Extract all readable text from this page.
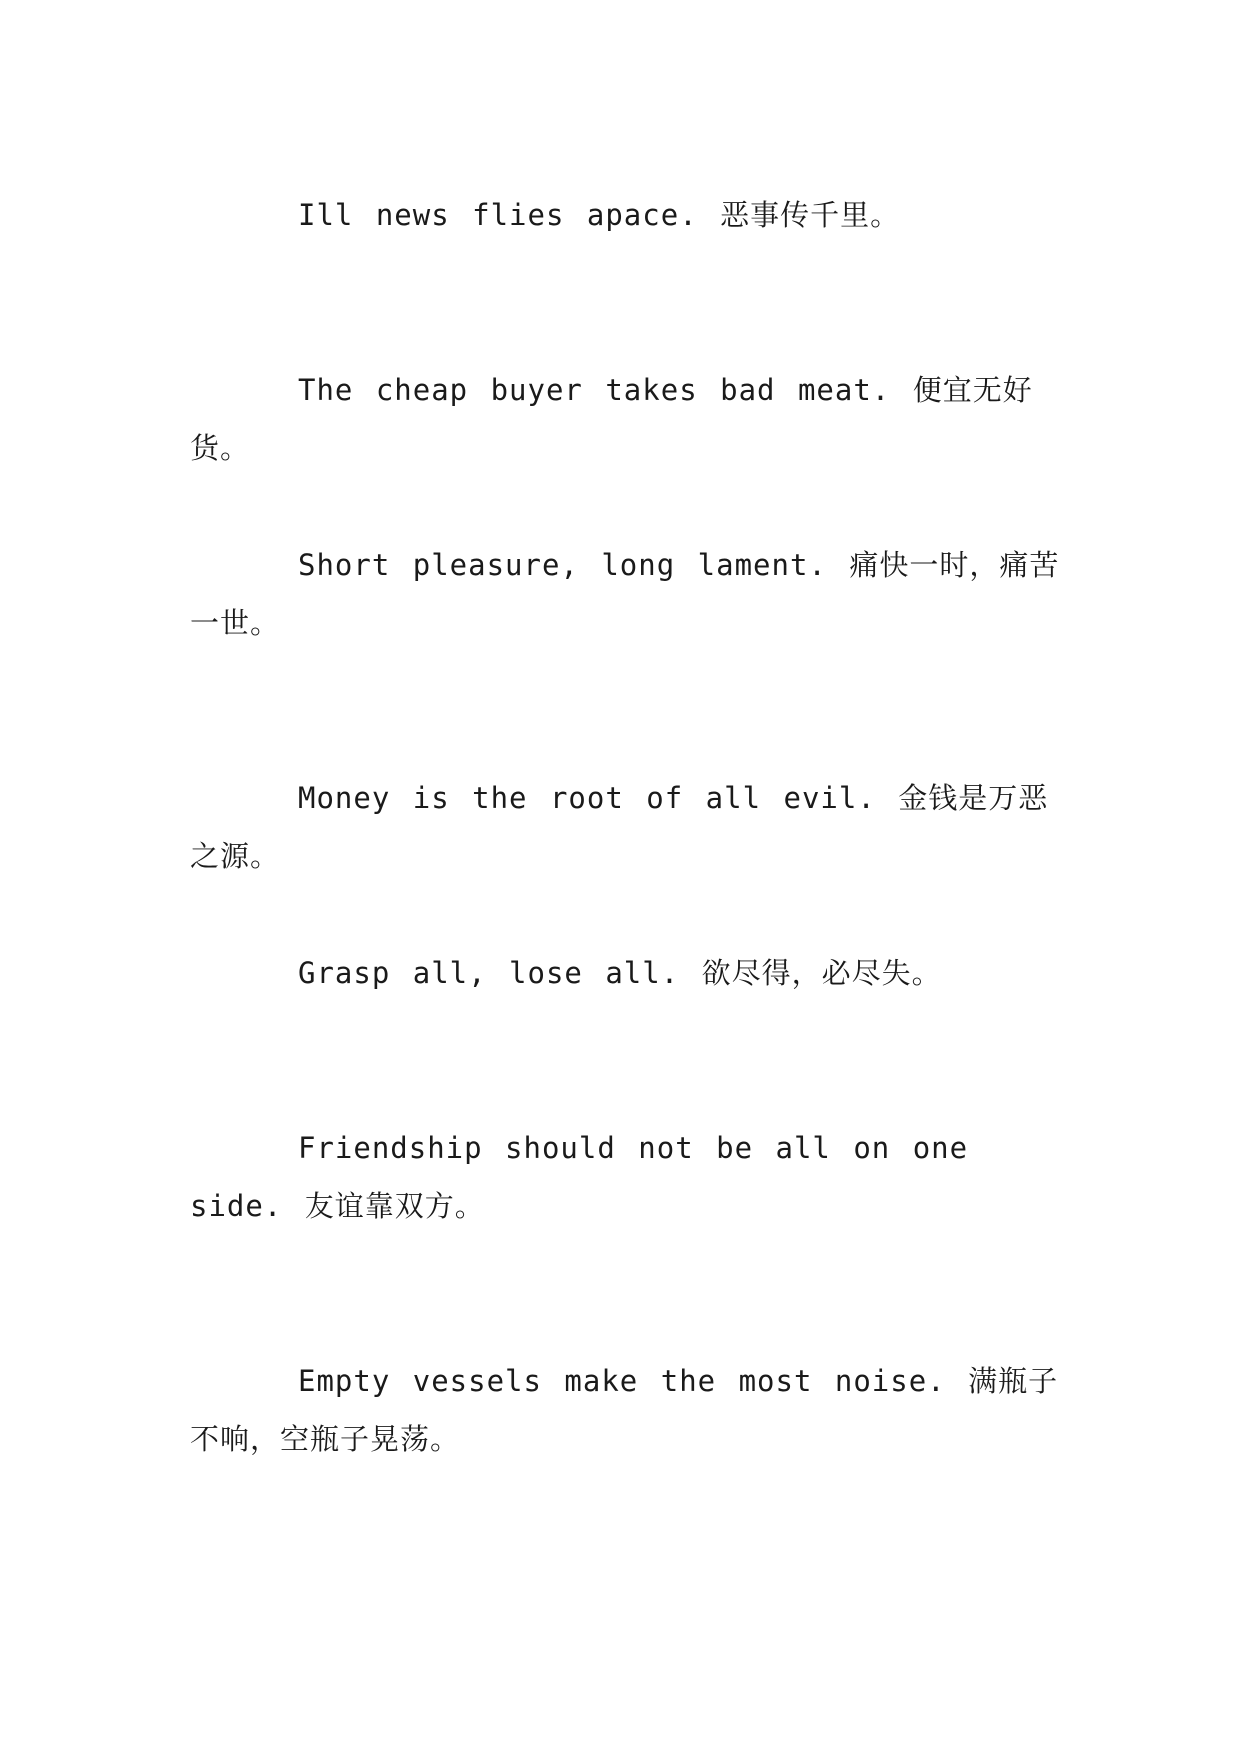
Ill news flies apace. 恶事传千里。

The cheap buyer takes bad meat. 便宜无好货。

Short pleasure, long lament. 痛快一时，痛苦一世。

Money is the root of all evil. 金钱是万恶之源。

Grasp all, lose all. 欲尽得，必尽失。

Friendship should not be all on one side. 友谊靠双方。

Empty vessels make the most noise. 满瓶子不响，空瓶子晃荡。
